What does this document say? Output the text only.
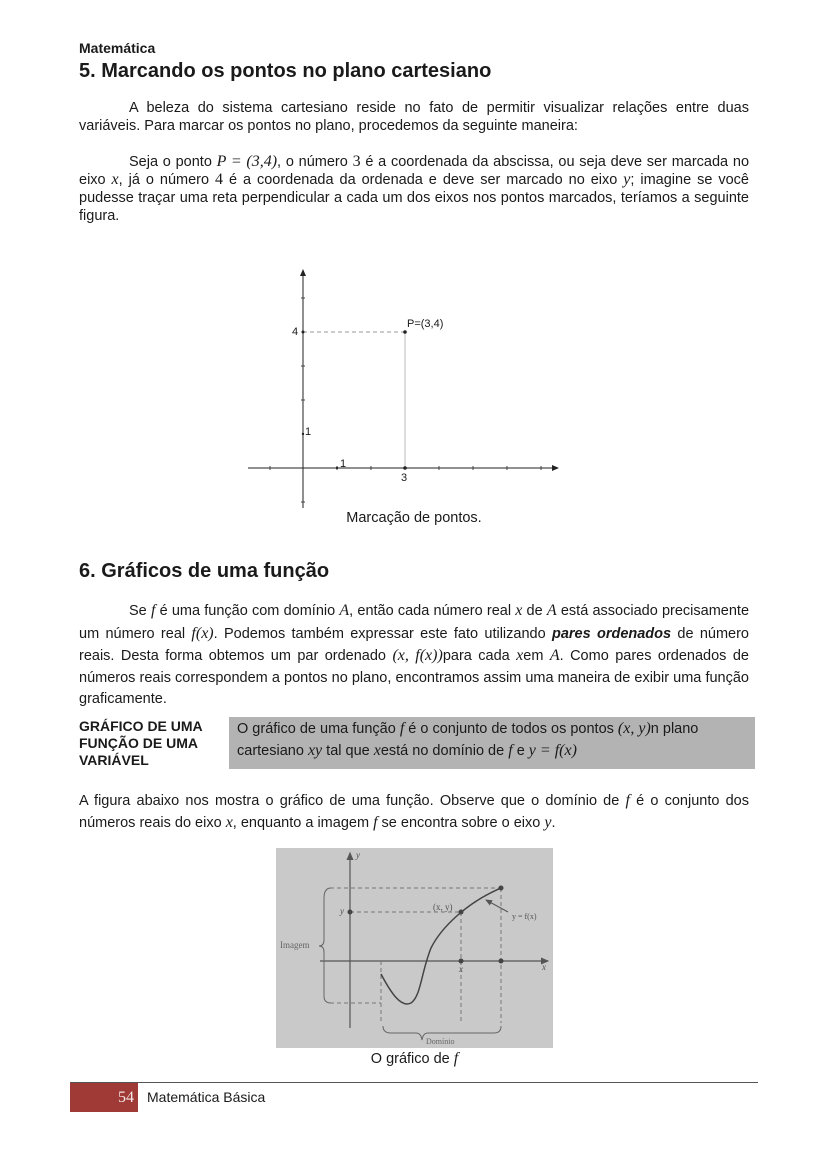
Matemática
5. Marcando os pontos no plano cartesiano
A beleza do sistema cartesiano reside no fato de permitir visualizar relações entre duas variáveis. Para marcar os pontos no plano, procedemos da seguinte maneira:
Seja o ponto P = (3,4), o número 3 é a coordenada da abscissa, ou seja deve ser marcada no eixo x, já o número 4 é a coordenada da ordenada e deve ser marcado no eixo y; imagine se você pudesse traçar uma reta perpendicular a cada um dos eixos nos pontos marcados, teríamos a seguinte figura.
P=(3,4)
4
1
1
3
Marcação de pontos.
6. Gráficos de uma função
Se f é uma função com domínio A, então cada número real x de A está associado precisamente um número real f(x). Podemos também expressar este fato utilizando pares ordenados de número reais. Desta forma obtemos um par ordenado (x, f(x))para cada xem A. Como pares ordenados de números reais correspondem a pontos no plano, encontramos assim uma maneira de exibir uma função graficamente.
GRÁFICO DE UMA FUNÇÃO DE UMA VARIÁVEL
O gráfico de uma função f é o conjunto de todos os pontos (x, y)n plano cartesiano xy tal que xestá no domínio de f e y = f(x)
A figura abaixo nos mostra o gráfico de uma função. Observe que o domínio de f é o conjunto dos números reais do eixo x, enquanto a imagem f se encontra sobre o eixo y.
y
x
y
x
(x, y)
y = f(x)
Imagem
Domínio
O gráfico de f
54 Matemática Básica
